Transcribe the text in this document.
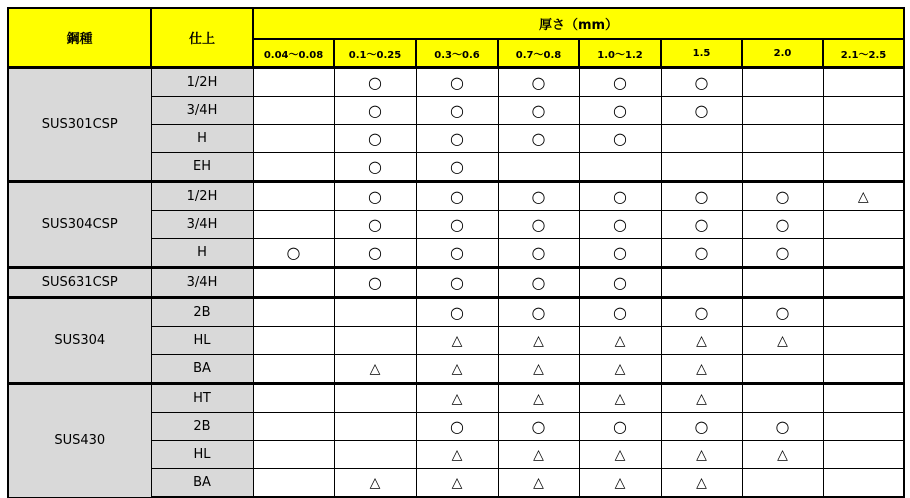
鋼種	仕上	厚さ（mm）							
		0.04～0.08	0.1～0.25	0.3～0.6	0.7～0.8	1.0～1.2	1.5	2.0	2.1～2.5
SUS301CSP	1/2H		○	○	○	○	○		
	3/4H		○	○	○	○	○		
	H		○	○	○	○			
	EH		○	○					
SUS304CSP	1/2H		○	○	○	○	○	○	△
	3/4H		○	○	○	○	○	○	
	H	○	○	○	○	○	○	○	
SUS631CSP	3/4H		○	○	○	○			
SUS304	2B			○	○	○	○	○	
	HL			△	△	△	△	△	
	BA		△	△	△	△	△		
SUS430	HT			△	△	△	△		
	2B			○	○	○	○	○	
	HL			△	△	△	△	△	
	BA		△	△	△	△	△		
